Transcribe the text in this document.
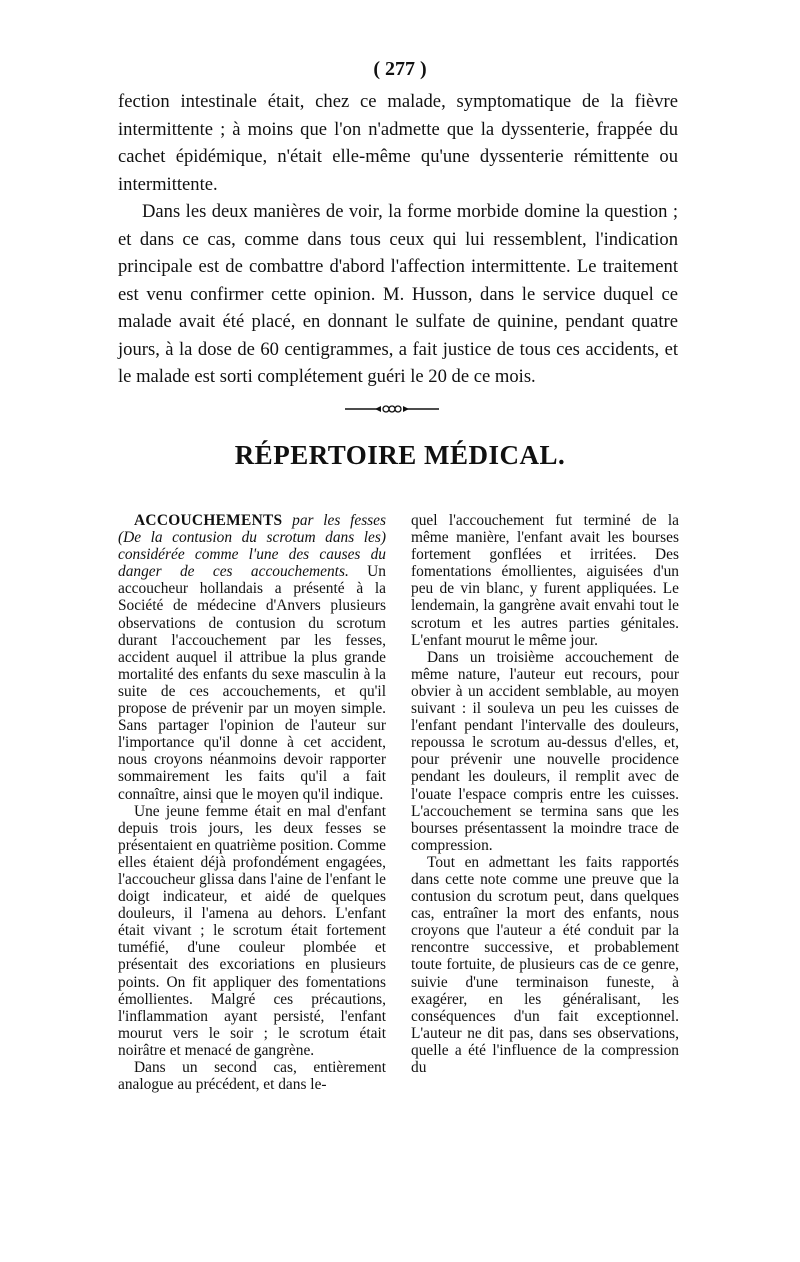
( 277 )

fection intestinale était, chez ce malade, symptomatique de la fièvre intermittente ; à moins que l'on n'admette que la dyssenterie, frappée du cachet épidémique, n'était elle-même qu'une dyssenterie rémittente ou intermittente.

Dans les deux manières de voir, la forme morbide domine la question ; et dans ce cas, comme dans tous ceux qui lui ressemblent, l'indication principale est de combattre d'abord l'affection intermittente. Le traitement est venu confirmer cette opinion. M. Husson, dans le service duquel ce malade avait été placé, en donnant le sulfate de quinine, pendant quatre jours, à la dose de 60 centigrammes, a fait justice de tous ces accidents, et le malade est sorti complétement guéri le 20 de ce mois.

RÉPERTOIRE MÉDICAL.

ACCOUCHEMENTS par les fesses (De la contusion du scrotum dans les) considérée comme l'une des causes du danger de ces accouchements. Un accoucheur hollandais a présenté à la Société de médecine d'Anvers plusieurs observations de contusion du scrotum durant l'accouchement par les fesses, accident auquel il attribue la plus grande mortalité des enfants du sexe masculin à la suite de ces accouchements, et qu'il propose de prévenir par un moyen simple. Sans partager l'opinion de l'auteur sur l'importance qu'il donne à cet accident, nous croyons néanmoins devoir rapporter sommairement les faits qu'il a fait connaître, ainsi que le moyen qu'il indique.

Une jeune femme était en mal d'enfant depuis trois jours, les deux fesses se présentaient en quatrième position. Comme elles étaient déjà profondément engagées, l'accoucheur glissa dans l'aine de l'enfant le doigt indicateur, et aidé de quelques douleurs, il l'amena au dehors. L'enfant était vivant ; le scrotum était fortement tuméfié, d'une couleur plombée et présentait des excoriations en plusieurs points. On fit appliquer des fomentations émollientes. Malgré ces précautions, l'inflammation ayant persisté, l'enfant mourut vers le soir ; le scrotum était noirâtre et menacé de gangrène.

Dans un second cas, entièrement analogue au précédent, et dans le-

quel l'accouchement fut terminé de la même manière, l'enfant avait les bourses fortement gonflées et irritées. Des fomentations émollientes, aiguisées d'un peu de vin blanc, y furent appliquées. Le lendemain, la gangrène avait envahi tout le scrotum et les autres parties génitales. L'enfant mourut le même jour.

Dans un troisième accouchement de même nature, l'auteur eut recours, pour obvier à un accident semblable, au moyen suivant : il souleva un peu les cuisses de l'enfant pendant l'intervalle des douleurs, repoussa le scrotum au-dessus d'elles, et, pour prévenir une nouvelle procidence pendant les douleurs, il remplit avec de l'ouate l'espace compris entre les cuisses. L'accouchement se termina sans que les bourses présentassent la moindre trace de compression.

Tout en admettant les faits rapportés dans cette note comme une preuve que la contusion du scrotum peut, dans quelques cas, entraîner la mort des enfants, nous croyons que l'auteur a été conduit par la rencontre successive, et probablement toute fortuite, de plusieurs cas de ce genre, suivie d'une terminaison funeste, à exagérer, en les généralisant, les conséquences d'un fait exceptionnel. L'auteur ne dit pas, dans ses observations, quelle a été l'influence de la compression du
